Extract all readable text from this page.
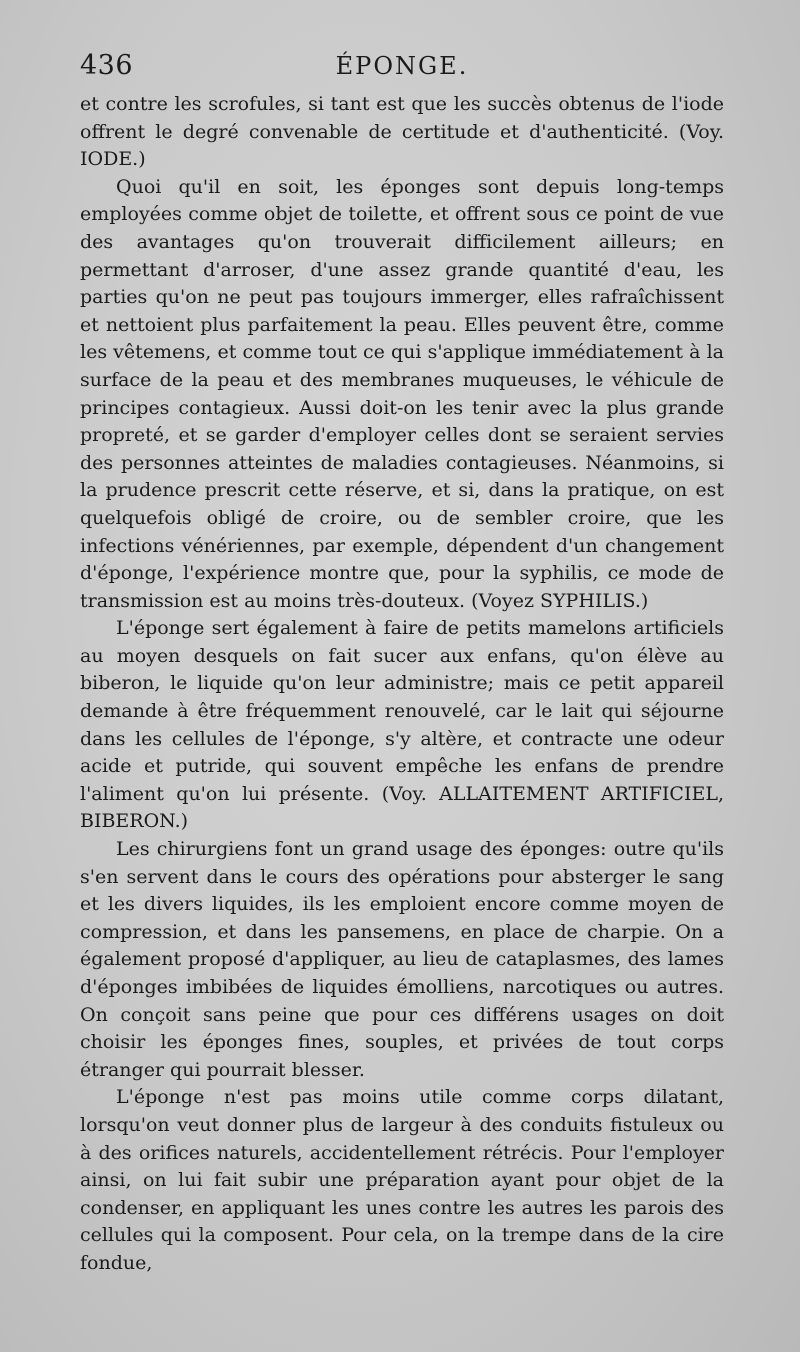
436	ÉPONGE.

et contre les scrofules, si tant est que les succès obtenus de l'iode offrent le degré convenable de certitude et d'authenticité. (Voy. IODE.)

Quoi qu'il en soit, les éponges sont depuis long-temps employées comme objet de toilette, et offrent sous ce point de vue des avantages qu'on trouverait difficilement ailleurs; en permettant d'arroser, d'une assez grande quantité d'eau, les parties qu'on ne peut pas toujours immerger, elles rafraîchissent et nettoient plus parfaitement la peau. Elles peuvent être, comme les vêtemens, et comme tout ce qui s'applique immédiatement à la surface de la peau et des membranes muqueuses, le véhicule de principes contagieux. Aussi doit-on les tenir avec la plus grande propreté, et se garder d'employer celles dont se seraient servies des personnes atteintes de maladies contagieuses. Néanmoins, si la prudence prescrit cette réserve, et si, dans la pratique, on est quelquefois obligé de croire, ou de sembler croire, que les infections vénériennes, par exemple, dépendent d'un changement d'éponge, l'expérience montre que, pour la syphilis, ce mode de transmission est au moins très-douteux. (Voyez SYPHILIS.)

L'éponge sert également à faire de petits mamelons artificiels au moyen desquels on fait sucer aux enfans, qu'on élève au biberon, le liquide qu'on leur administre; mais ce petit appareil demande à être fréquemment renouvelé, car le lait qui séjourne dans les cellules de l'éponge, s'y altère, et contracte une odeur acide et putride, qui souvent empêche les enfans de prendre l'aliment qu'on lui présente. (Voy. ALLAITEMENT ARTIFICIEL, BIBERON.)

Les chirurgiens font un grand usage des éponges: outre qu'ils s'en servent dans le cours des opérations pour absterger le sang et les divers liquides, ils les emploient encore comme moyen de compression, et dans les pansemens, en place de charpie. On a également proposé d'appliquer, au lieu de cataplasmes, des lames d'éponges imbibées de liquides émolliens, narcotiques ou autres. On conçoit sans peine que pour ces différens usages on doit choisir les éponges fines, souples, et privées de tout corps étranger qui pourrait blesser.

L'éponge n'est pas moins utile comme corps dilatant, lorsqu'on veut donner plus de largeur à des conduits fistuleux ou à des orifices naturels, accidentellement rétrécis. Pour l'employer ainsi, on lui fait subir une préparation ayant pour objet de la condenser, en appliquant les unes contre les autres les parois des cellules qui la composent. Pour cela, on la trempe dans de la cire fondue,
